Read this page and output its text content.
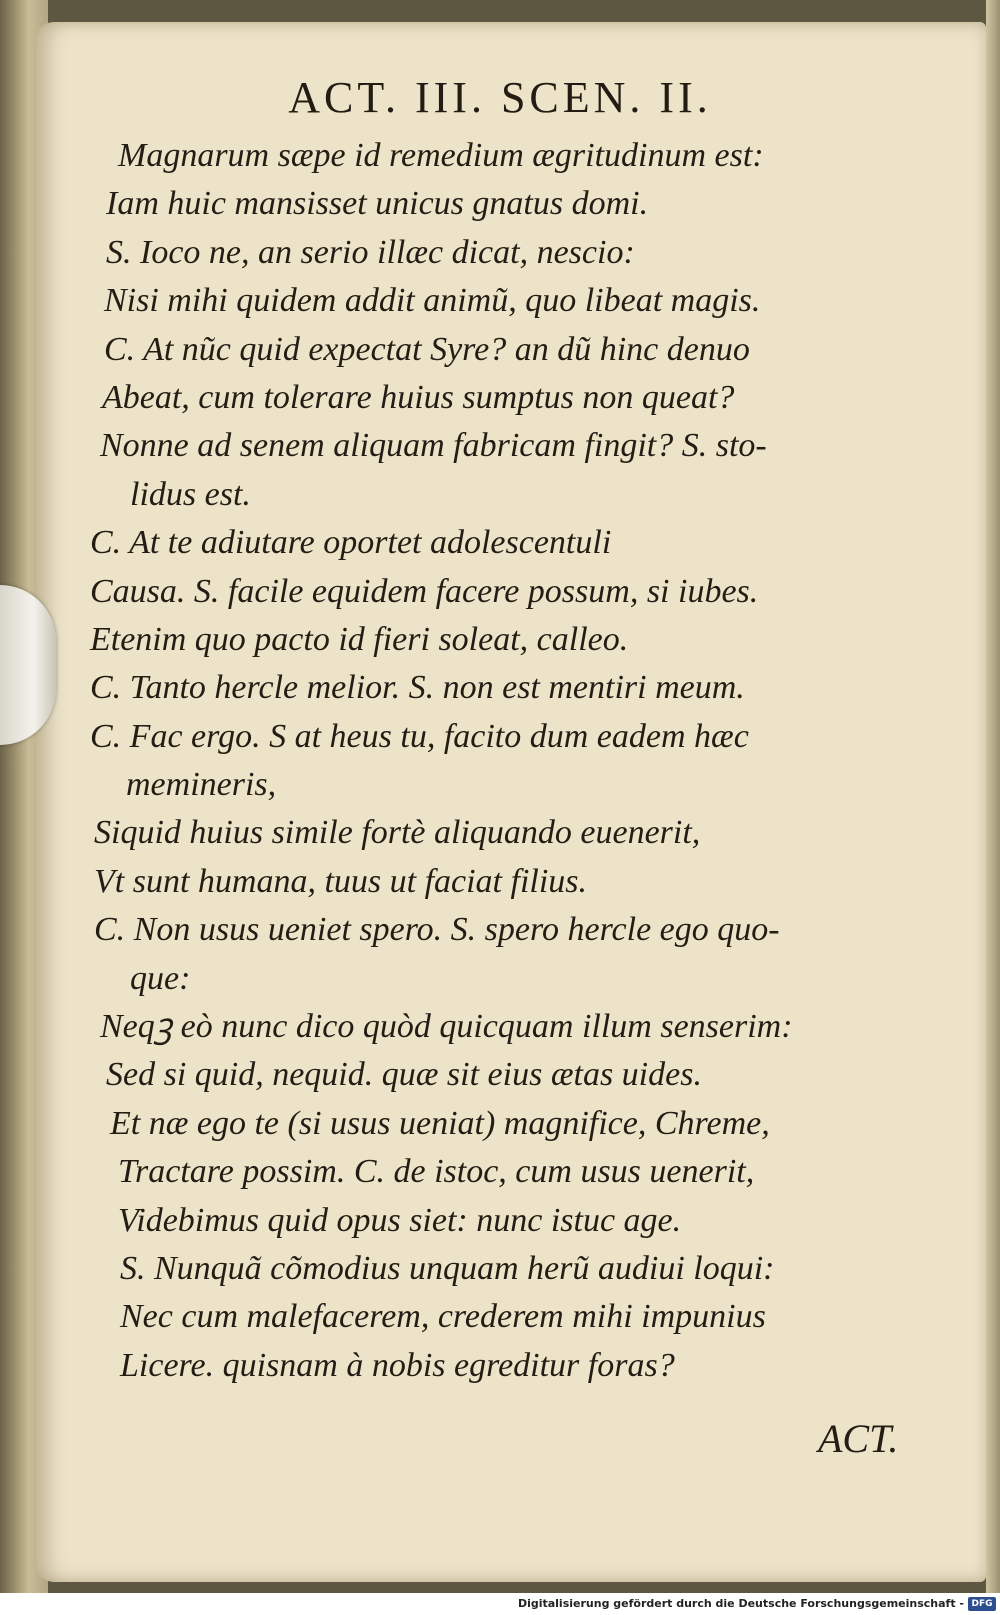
ACT. III. SCEN. II.
Magnarum sæpe id remedium ægritudinum est:
Iam huic mansisset unicus gnatus domi.
S. Ioco ne, an serio illæc dicat, nescio:
Nisi mihi quidem addit animũ, quo libeat magis.
C. At nũc quid expectat Syre? an dũ hinc denuo
Abeat, cum tolerare huius sumptus non queat?
Nonne ad senem aliquam fabricam fingit? S. sto-
lidus est.
C. At te adiutare oportet adolescentuli
Causa. S. facile equidem facere possum, si iubes.
Etenim quo pacto id fieri soleat, calleo.
C. Tanto hercle melior. S. non est mentiri meum.
C. Fac ergo. S at heus tu, facito dum eadem hæc
memineris,
Siquid huius simile fortè aliquando euenerit,
Vt sunt humana, tuus ut faciat filius.
C. Non usus ueniet spero. S. spero hercle ego quo-
que:
Neqꝫ eò nunc dico quòd quicquam illum senserim:
Sed si quid, nequid. quæ sit eius ætas uides.
Et næ ego te (si usus ueniat) magnifice, Chreme,
Tractare possim. C. de istoc, cum usus uenerit,
Videbimus quid opus siet: nunc istuc age.
S. Nunquã cõmodius unquam herũ audiui loqui:
Nec cum malefacerem, crederem mihi impunius
Licere. quisnam à nobis egreditur foras?
ACT.
Digitalisierung gefördert durch die Deutsche Forschungsgemeinschaft - DFG
